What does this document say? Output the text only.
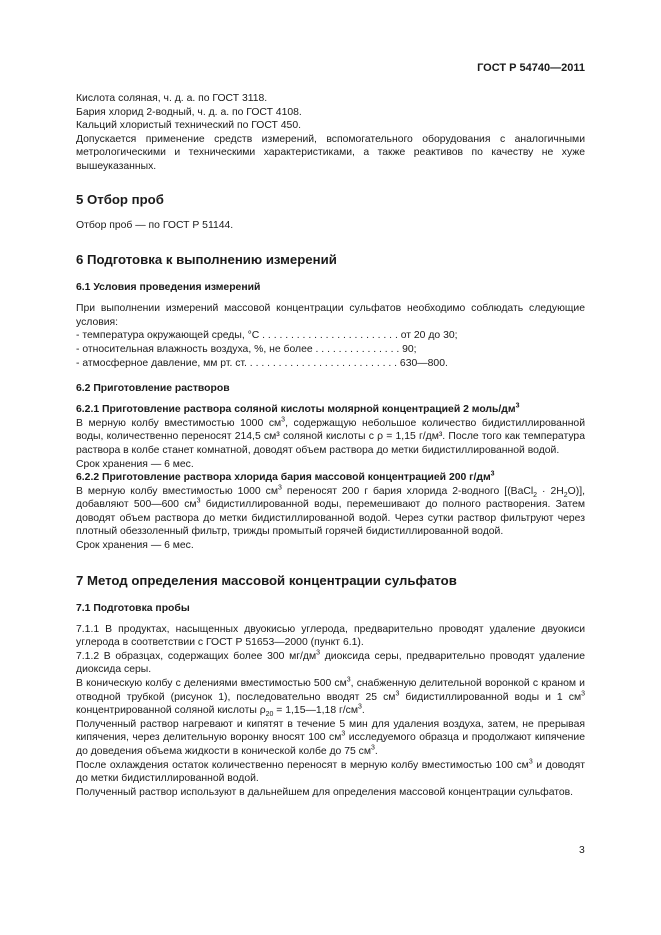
ГОСТ Р 54740—2011

Кислота соляная, ч. д. а. по ГОСТ 3118.

Бария хлорид 2-водный, ч. д. а. по ГОСТ 4108.

Кальций хлористый технический по ГОСТ 450.

Допускается применение средств измерений, вспомогательного оборудования с аналогичными метрологическими и техническими характеристиками, а также реактивов по качеству не хуже вышеуказанных.

5 Отбор проб

Отбор проб — по ГОСТ Р 51144.

6 Подготовка к выполнению измерений
6.1 Условия проведения измерений

При выполнении измерений массовой концентрации сульфатов необходимо соблюдать следующие условия:

- температура окружающей среды, °С . . . . . . . . . . . . . . . . . . . . . . . . от 20 до 30;

- относительная влажность воздуха, %, не более . . . . . . . . . . . . . . . 90;

- атмосферное давление, мм рт. ст. . . . . . . . . . . . . . . . . . . . . . . . . . . 630—800.

6.2 Приготовление растворов
6.2.1 Приготовление раствора соляной кислоты молярной концентрацией 2 моль/$дм^3$

В мерную колбу вместимостью 1000 $см^3$, содержащую небольшое количество бидистиллированной воды, количественно переносят 214,5 см³ соляной кислоты с ρ = 1,15 г/дм³. После того как температура раствора в колбе станет комнатной, доводят объем раствора до метки бидистиллированной водой.

Срок хранения — 6 мес.

6.2.2 Приготовление раствора хлорида бария массовой концентрацией 200 $г/дм^3$

В мерную колбу вместимостью 1000 $см^3$ переносят 200 г бария хлорида 2-водного [(BaCl$_2$ · $2H_2O$)], добавляют 500—600 $см^3$ бидистиллированной воды, перемешивают до полного растворения. Затем доводят объем раствора до метки бидистиллированной водой. Через сутки раствор фильтруют через плотный обеззоленный фильтр, трижды промытый горячей бидистиллированной водой.

Срок хранения — 6 мес.

7 Метод определения массовой концентрации сульфатов
7.1 Подготовка пробы

7.1.1 В продуктах, насыщенных двуокисью углерода, предварительно проводят удаление двуокиси углерода в соответствии с ГОСТ Р 51653—2000 (пункт 6.1).

7.1.2 В образцах, содержащих более 300 $мг/дм^3$ диоксида серы, предварительно проводят удаление диоксида серы.

В коническую колбу с делениями вместимостью 500 $см^3$, снабженную делительной воронкой с краном и отводной трубкой (рисунок 1), последовательно вводят 25 $см^3$ бидистиллированной воды и 1 $см^3$ концентрированной соляной кислоты $\rho_{20}$ = 1,15—1,18 $г/см^3$.

Полученный раствор нагревают и кипятят в течение 5 мин для удаления воздуха, затем, не прерывая кипячения, через делительную воронку вносят 100 $см^3$ исследуемого образца и продолжают кипячение до доведения объема жидкости в конической колбе до 75 $см^3$.

После охлаждения остаток количественно переносят в мерную колбу вместимостью 100 $см^3$ и доводят до метки бидистиллированной водой.

Полученный раствор используют в дальнейшем для определения массовой концентрации сульфатов.

3
